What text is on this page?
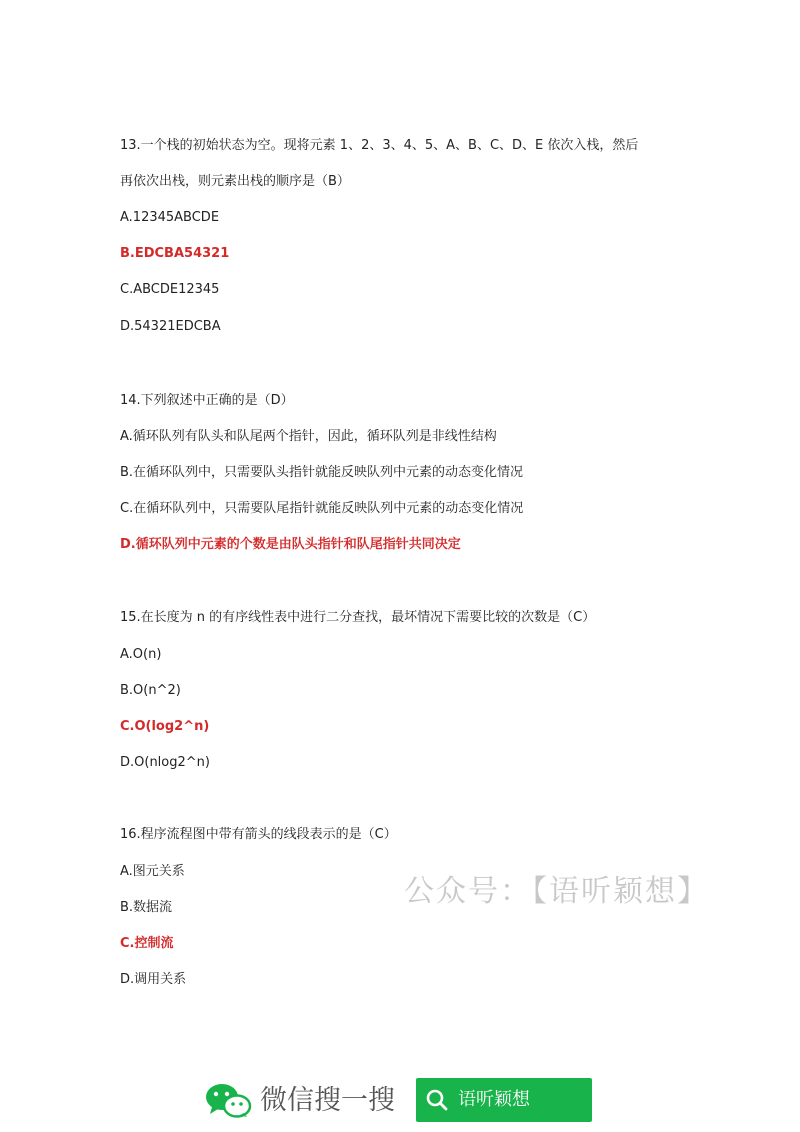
13.一个栈的初始状态为空。现将元素 1、2、3、4、5、A、B、C、D、E 依次入栈，然后
再依次出栈，则元素出栈的顺序是（B）
A.12345ABCDE
B.EDCBA54321
C.ABCDE12345
D.54321EDCBA
14.下列叙述中正确的是（D）
A.循环队列有队头和队尾两个指针，因此，循环队列是非线性结构
B.在循环队列中，只需要队头指针就能反映队列中元素的动态变化情况
C.在循环队列中，只需要队尾指针就能反映队列中元素的动态变化情况
D.循环队列中元素的个数是由队头指针和队尾指针共同决定
15.在长度为 n 的有序线性表中进行二分查找，最坏情况下需要比较的次数是（C）
A.O(n)
B.O(n^2)
C.O(log2^n)
D.O(nlog2^n)
16.程序流程图中带有箭头的线段表示的是（C）
A.图元关系
B.数据流
C.控制流
D.调用关系
公众号：【语听颖想】
微信搜一搜	语听颖想
